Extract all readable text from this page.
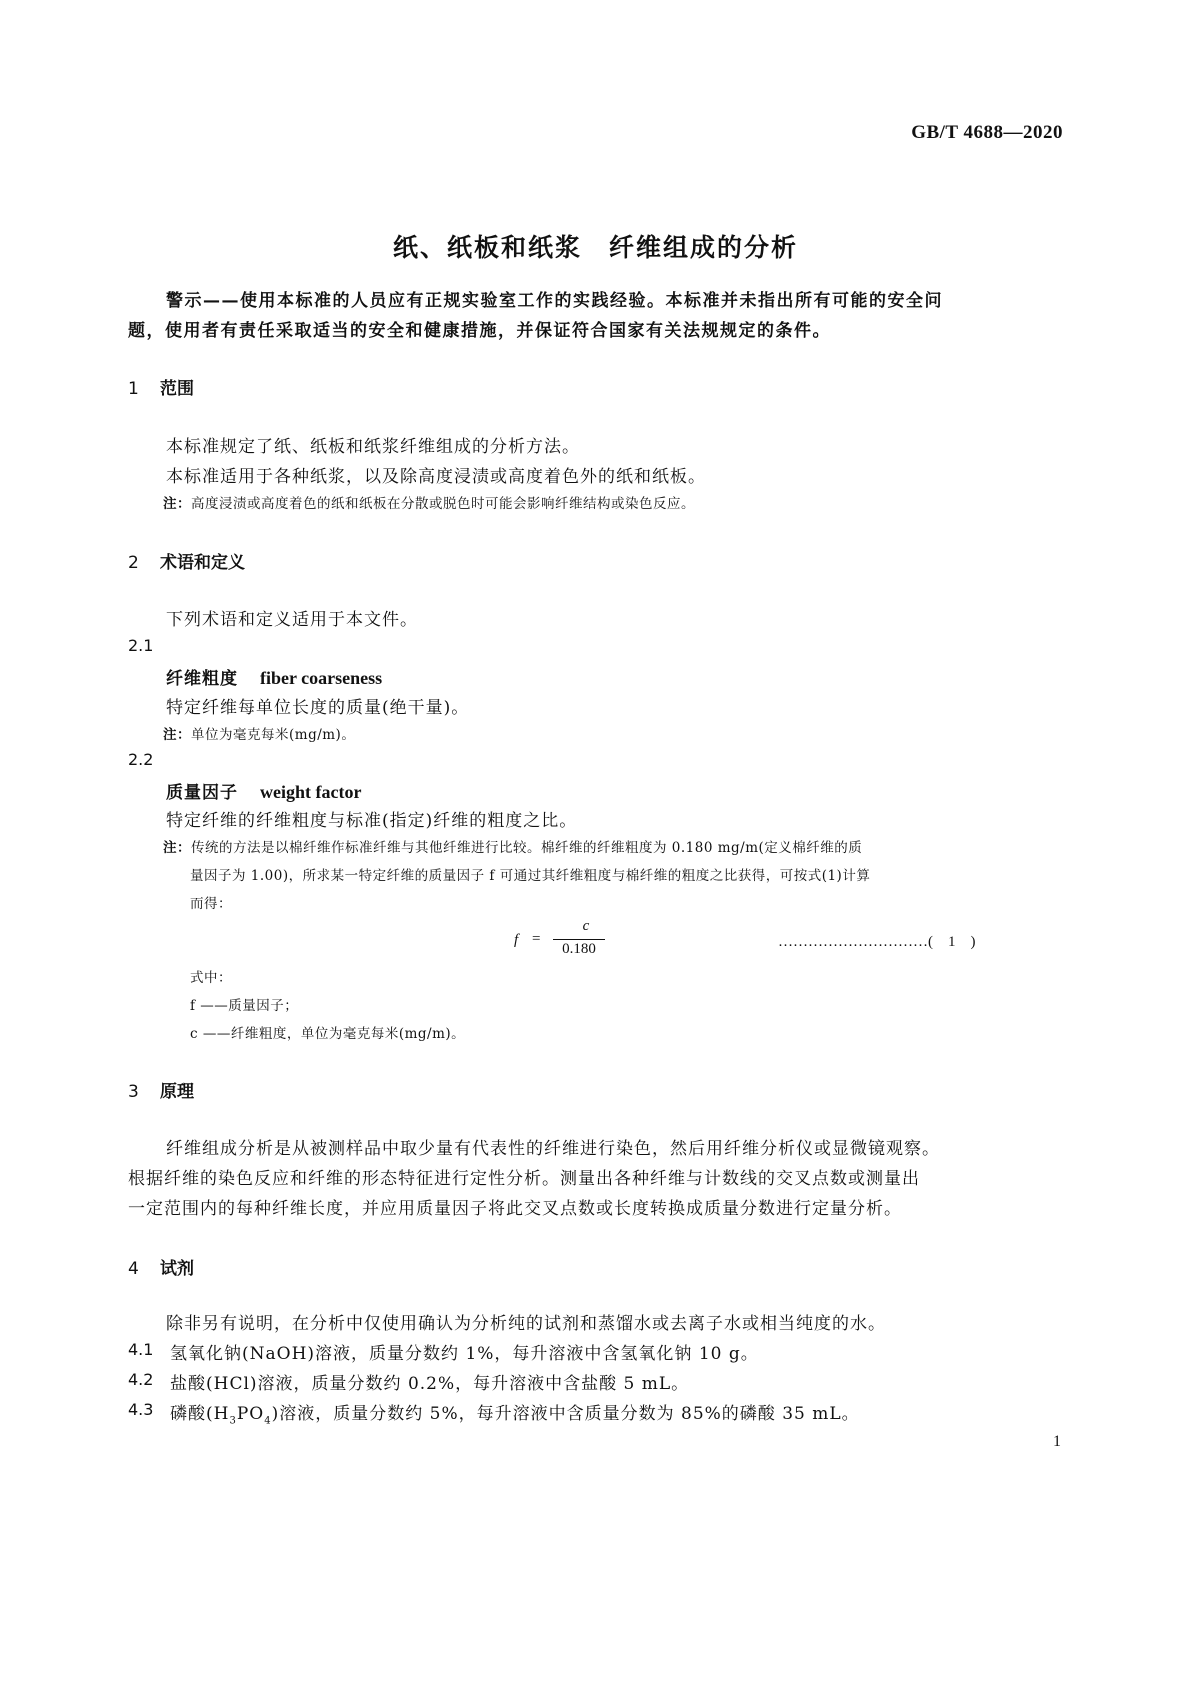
GB/T 4688—2020
纸、纸板和纸浆　纤维组成的分析
警示——使用本标准的人员应有正规实验室工作的实践经验。本标准并未指出所有可能的安全问
题，使用者有责任采取适当的安全和健康措施，并保证符合国家有关法规规定的条件。
1 范围
本标准规定了纸、纸板和纸浆纤维组成的分析方法。
本标准适用于各种纸浆，以及除高度浸渍或高度着色外的纸和纸板。
注：高度浸渍或高度着色的纸和纸板在分散或脱色时可能会影响纤维结构或染色反应。
2 术语和定义
下列术语和定义适用于本文件。
2.1
纤维粗度 fiber coarseness
特定纤维每单位长度的质量(绝干量)。
注：单位为毫克每米(mg/m)。
2.2
质量因子 weight factor
特定纤维的纤维粗度与标准(指定)纤维的粗度之比。
注：传统的方法是以棉纤维作标准纤维与其他纤维进行比较。棉纤维的纤维粗度为 0.180 mg/m(定义棉纤维的质
量因子为 1.00)，所求某一特定纤维的质量因子 f 可通过其纤维粗度与棉纤维的粗度之比获得，可按式(1)计算
而得：
f =
c
0.180	…………………………(　1　)
式中：
f ——质量因子；
c ——纤维粗度，单位为毫克每米(mg/m)。
3 原理
纤维组成分析是从被测样品中取少量有代表性的纤维进行染色，然后用纤维分析仪或显微镜观察。
根据纤维的染色反应和纤维的形态特征进行定性分析。测量出各种纤维与计数线的交叉点数或测量出
一定范围内的每种纤维长度，并应用质量因子将此交叉点数或长度转换成质量分数进行定量分析。
4 试剂
除非另有说明，在分析中仅使用确认为分析纯的试剂和蒸馏水或去离子水或相当纯度的水。
4.1 氢氧化钠(NaOH)溶液，质量分数约 1%，每升溶液中含氢氧化钠 10 g。
4.2 盐酸(HCl)溶液，质量分数约 0.2%，每升溶液中含盐酸 5 mL。
4.3 磷酸$(H_3PO_4)$溶液，质量分数约 5%，每升溶液中含质量分数为 85%的磷酸 35 mL。
1
